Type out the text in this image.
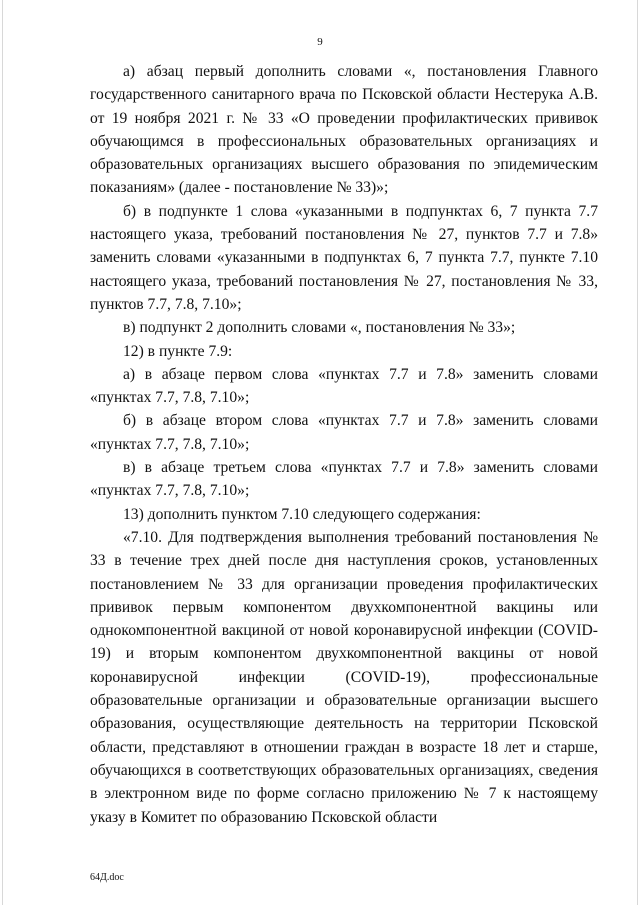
9

а) абзац первый дополнить словами «, постановления Главного государственного санитарного врача по Псковской области Нестерука А.В. от 19 ноября 2021 г. № 33 «О проведении профилактических прививок обучающимся в профессиональных образовательных организациях и образовательных организациях высшего образования по эпидемическим показаниям» (далее - постановление № 33)»;

б) в подпункте 1 слова «указанными в подпунктах 6, 7 пункта 7.7 настоящего указа, требований постановления № 27, пунктов 7.7 и 7.8» заменить словами «указанными в подпунктах 6, 7 пункта 7.7, пункте 7.10 настоящего указа, требований постановления № 27, постановления № 33, пунктов 7.7, 7.8, 7.10»;

в) подпункт 2 дополнить словами «, постановления № 33»;

12) в пункте 7.9:

а) в абзаце первом слова «пунктах 7.7 и 7.8» заменить словами «пунктах 7.7, 7.8, 7.10»;

б) в абзаце втором слова «пунктах 7.7 и 7.8» заменить словами «пунктах 7.7, 7.8, 7.10»;

в) в абзаце третьем слова «пунктах 7.7 и 7.8» заменить словами «пунктах 7.7, 7.8, 7.10»;

13) дополнить пунктом 7.10 следующего содержания:

«7.10. Для подтверждения выполнения требований постановления № 33 в течение трех дней после дня наступления сроков, установленных постановлением № 33 для организации проведения профилактических прививок первым компонентом двухкомпонентной вакцины или однокомпонентной вакциной от новой коронавирусной инфекции (COVID-19) и вторым компонентом двухкомпонентной вакцины от новой коронавирусной инфекции (COVID-19), профессиональные образовательные организации и образовательные организации высшего образования, осуществляющие деятельность на территории Псковской области, представляют в отношении граждан в возрасте 18 лет и старше, обучающихся в соответствующих образовательных организациях, сведения в электронном виде по форме согласно приложению № 7 к настоящему указу в Комитет по образованию Псковской области

64Д.doc
